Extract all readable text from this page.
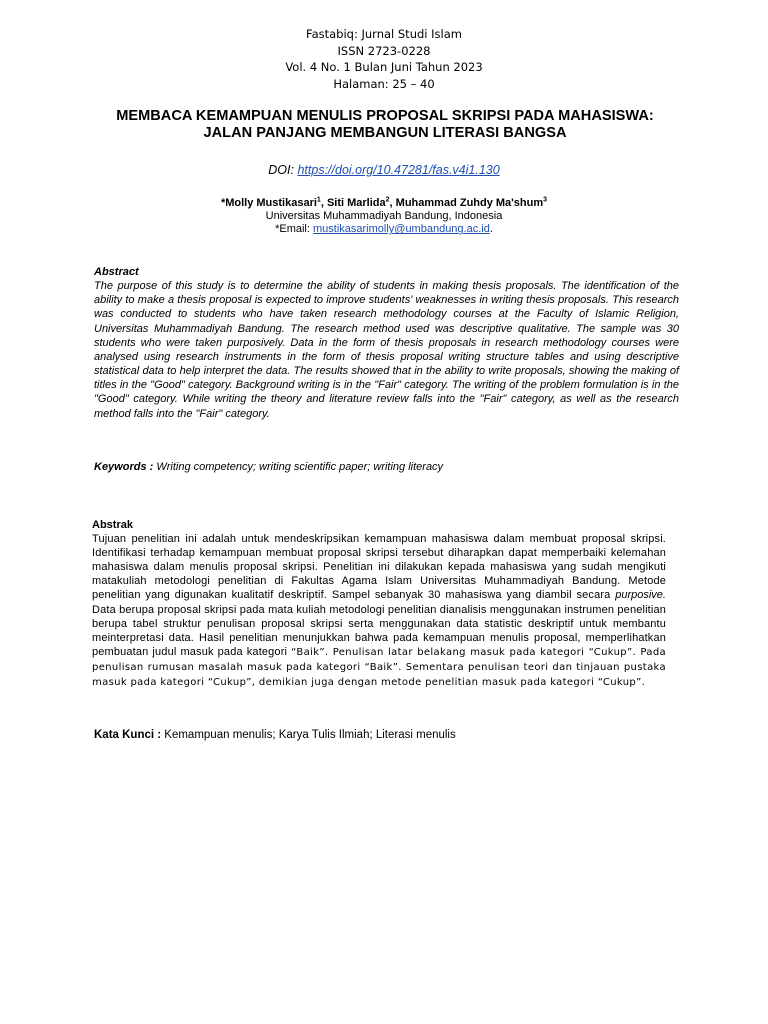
Fastabiq: Jurnal Studi Islam
ISSN 2723-0228
Vol. 4 No. 1 Bulan Juni Tahun 2023
Halaman: 25 – 40
MEMBACA KEMAMPUAN MENULIS PROPOSAL SKRIPSI PADA MAHASISWA:
JALAN PANJANG MEMBANGUN LITERASI BANGSA
DOI: https://doi.org/10.47281/fas.v4i1.130
*Molly Mustikasari$^1$, Siti Marlida$^2$, Muhammad Zuhdy Ma'shum$^3$
Universitas Muhammadiyah Bandung, Indonesia
*Email: mustikasarimolly@umbandung.ac.id.
Abstract
The purpose of this study is to determine the ability of students in making thesis proposals. The identification of the ability to make a thesis proposal is expected to improve students' weaknesses in writing thesis proposals. This research was conducted to students who have taken research methodology courses at the Faculty of Islamic Religion, Universitas Muhammadiyah Bandung. The research method used was descriptive qualitative. The sample was 30 students who were taken purposively. Data in the form of thesis proposals in research methodology courses were analysed using research instruments in the form of thesis proposal writing structure tables and using descriptive statistical data to help interpret the data. The results showed that in the ability to write proposals, showing the making of titles in the "Good" category. Background writing is in the "Fair" category. The writing of the problem formulation is in the "Good" category. While writing the theory and literature review falls into the "Fair" category, as well as the research method falls into the "Fair" category.
Keywords : Writing competency; writing scientific paper; writing literacy
Abstrak
Tujuan penelitian ini adalah untuk mendeskripsikan kemampuan mahasiswa dalam membuat proposal skripsi. Identifikasi terhadap kemampuan membuat proposal skripsi tersebut diharapkan dapat memperbaiki kelemahan mahasiswa dalam menulis proposal skripsi. Penelitian ini dilakukan kepada mahasiswa yang sudah mengikuti matakuliah metodologi penelitian di Fakultas Agama Islam Universitas Muhammadiyah Bandung. Metode penelitian yang digunakan kualitatif deskriptif. Sampel sebanyak 30 mahasiswa yang diambil secara purposive. Data berupa proposal skripsi pada mata kuliah metodologi penelitian dianalisis menggunakan instrumen penelitian berupa tabel struktur penulisan proposal skripsi serta menggunakan data statistic deskriptif untuk membantu meinterpretasi data. Hasil penelitian menunjukkan bahwa pada kemampuan menulis proposal, memperlihatkan pembuatan judul masuk pada kategori “Baik”. Penulisan latar belakang masuk pada kategori “Cukup”. Pada penulisan rumusan masalah masuk pada kategori “Baik”. Sementara penulisan teori dan tinjauan pustaka masuk pada kategori “Cukup”, demikian juga dengan metode penelitian masuk pada kategori “Cukup”.
Kata Kunci : Kemampuan menulis; Karya Tulis Ilmiah; Literasi menulis
